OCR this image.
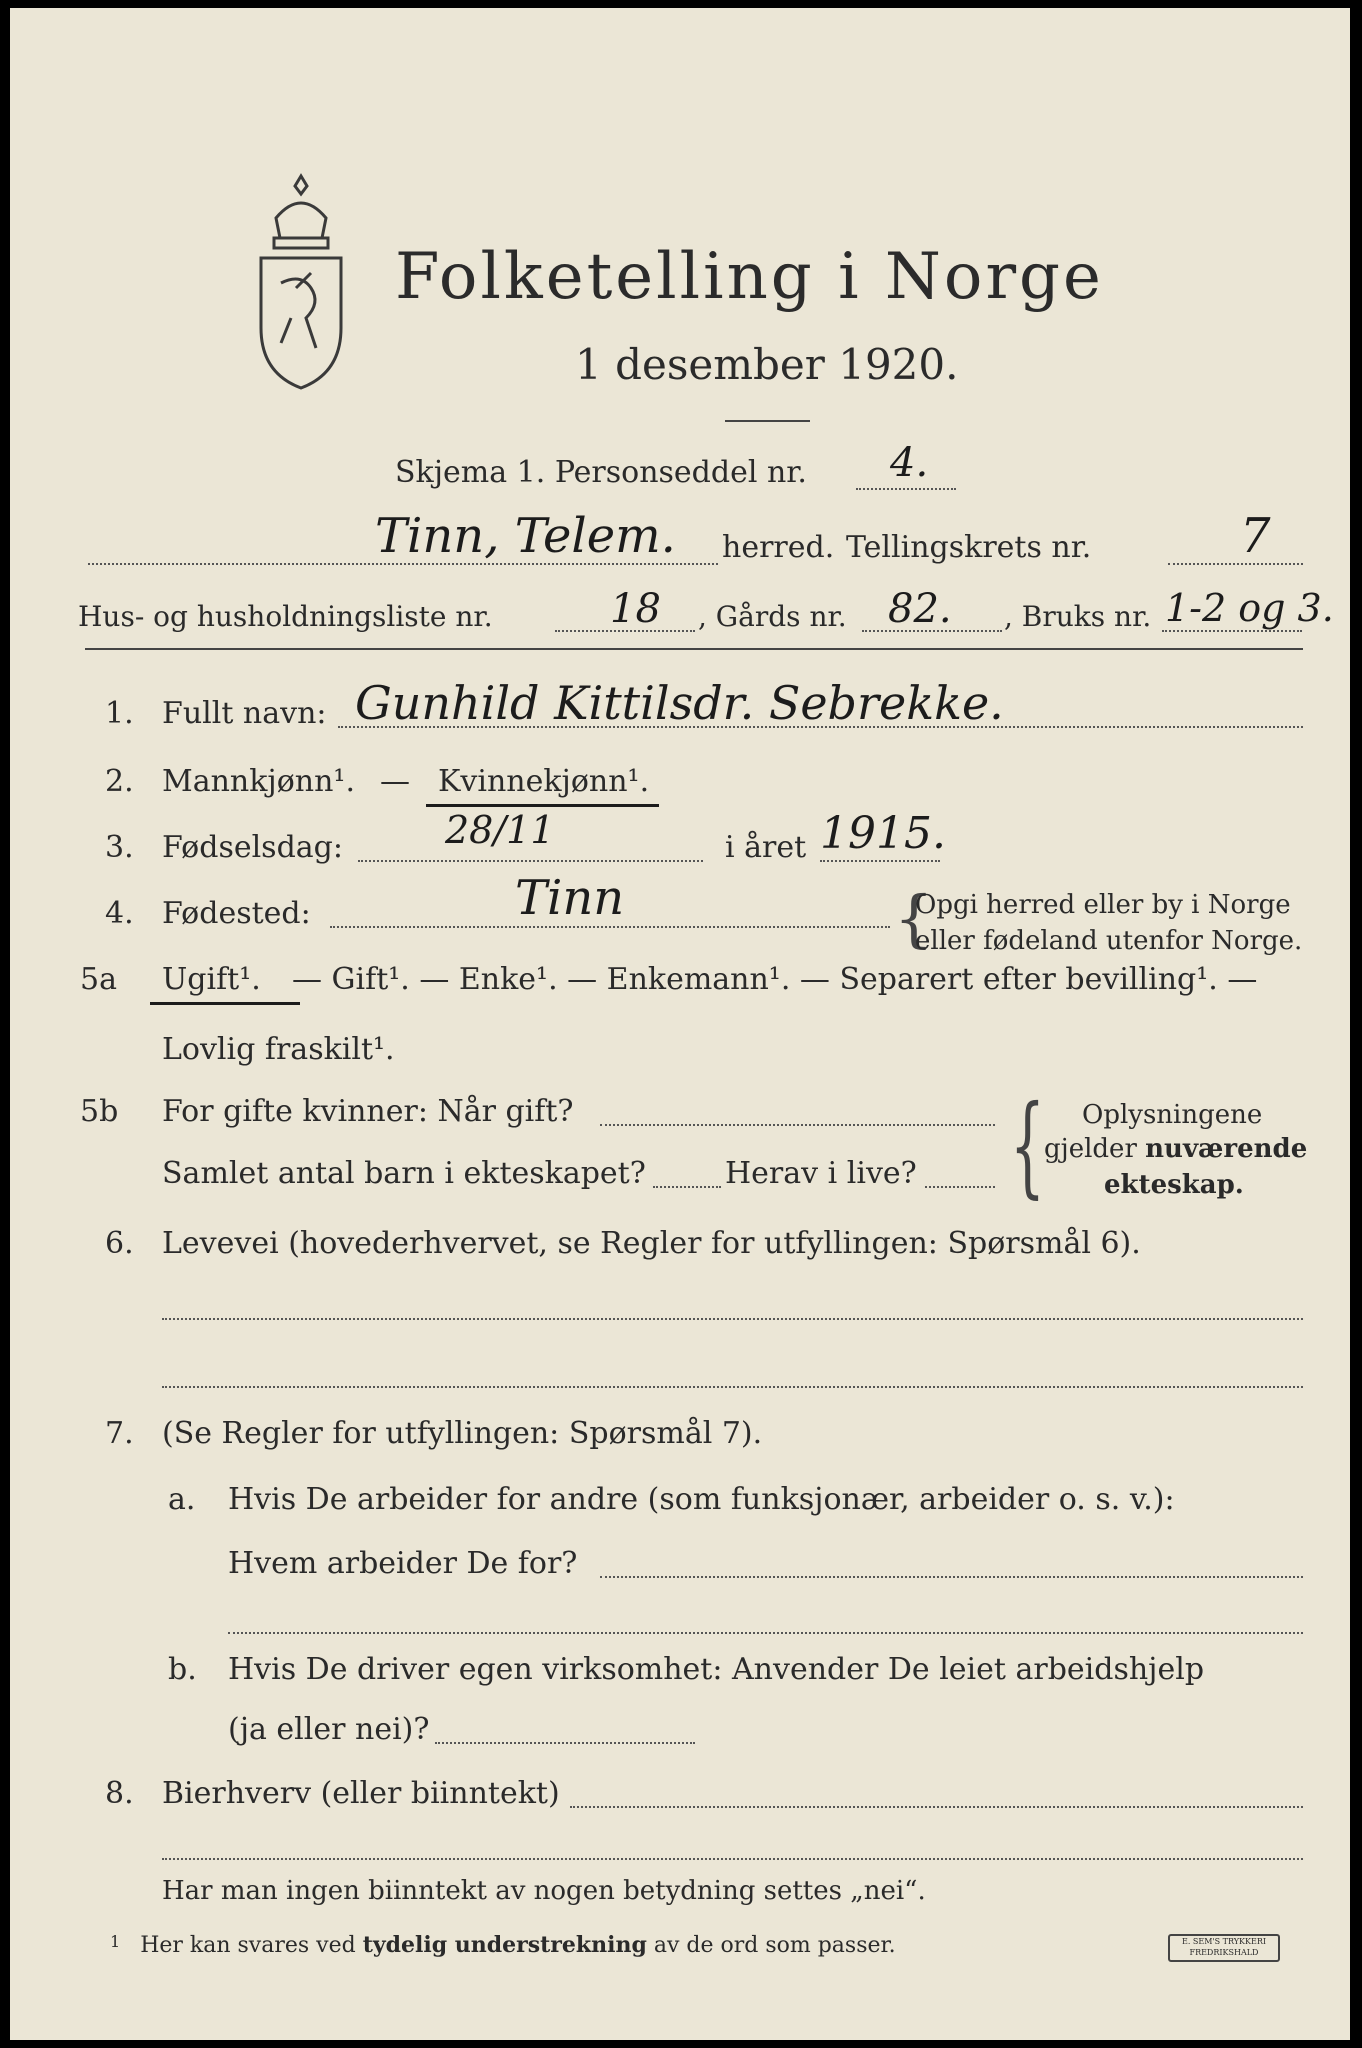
Folketelling i Norge
1 desember 1920.
Skjema 1. Personseddel nr. 4.
Tinn, Telem. herred. Tellingskrets nr.	7
Hus- og husholdningsliste nr.	18 , Gårds nr. 82. , Bruks nr. 1-2 og 3.
1. Fullt navn: Gunhild Kittilsdr. Sebrekke.
2. Mannkjønn¹. — Kvinnekjønn¹.
3. Fødselsdag:	28/11	i året 1915.
4. Fødested:	Tinn	{
Opgi herred eller by i Norge
eller fødeland utenfor Norge.
5a Ugift¹. — Gift¹. — Enke¹. — Enkemann¹. — Separert efter bevilling¹. —
Lovlig fraskilt¹.
5b For gifte kvinner: Når gift?
Samlet antal barn i ekteskapet?	Herav i live? { Oplysningene
gjelder nuværende
ekteskap.
6. Levevei (hovederhvervet, se Regler for utfyllingen: Spørsmål 6).
7. (Se Regler for utfyllingen: Spørsmål 7).
a. Hvis De arbeider for andre (som funksjonær, arbeider o. s. v.):
Hvem arbeider De for?
b. Hvis De driver egen virksomhet: Anvender De leiet arbeidshjelp
(ja eller nei)?
8. Bierhverv (eller biinntekt)
Har man ingen biinntekt av nogen betydning settes „nei“.
$^1$ Her kan svares ved tydelig understrekning av de ord som passer.	E. SEM'S TRYKKERI
FREDRIKSHALD
